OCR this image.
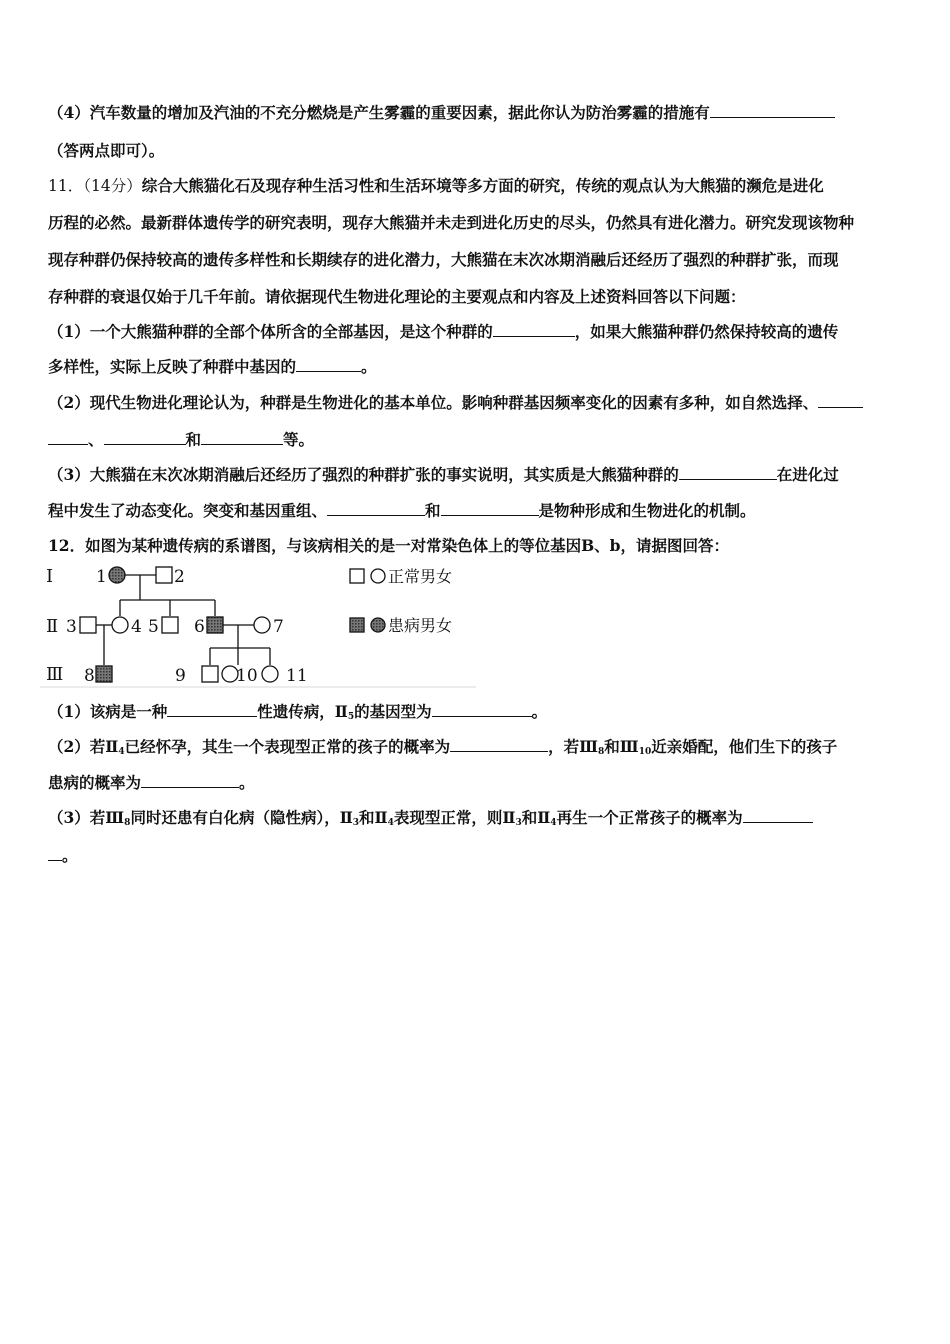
（4）汽车数量的增加及汽油的不充分燃烧是产生雾霾的重要因素，据此你认为防治雾霾的措施有
（答两点即可）。
11．（14分）综合大熊猫化石及现存种生活习性和生活环境等多方面的研究，传统的观点认为大熊猫的濒危是进化
历程的必然。最新群体遗传学的研究表明，现存大熊猫并未走到进化历史的尽头，仍然具有进化潜力。研究发现该物种
现存种群仍保持较高的遗传多样性和长期续存的进化潜力，大熊猫在末次冰期消融后还经历了强烈的种群扩张，而现
存种群的衰退仅始于几千年前。请依据现代生物进化理论的主要观点和内容及上述资料回答以下问题：
（1）一个大熊猫种群的全部个体所含的全部基因，是这个种群的	，如果大熊猫种群仍然保持较高的遗传
多样性，实际上反映了种群中基因的	。
（2）现代生物进化理论认为，种群是生物进化的基本单位。影响种群基因频率变化的因素有多种，如自然选择、
、	和	等。
（3）大熊猫在末次冰期消融后还经历了强烈的种群扩张的事实说明，其实质是大熊猫种群的	在进化过
程中发生了动态变化。突变和基因重组、	和	是物种形成和生物进化的机制。
12．如图为某种遗传病的系谱图，与该病相关的是一对常染色体上的等位基因B、b，请据图回答：
Ⅰ
Ⅱ
Ⅲ
1	2
3	4 5 6	7
8	9	10 11
正常男女
患病男女
（1）该病是一种	性遗传病，$Ⅱ_5$的基因型为	。
（2）若$Ⅱ_4$已经怀孕，其生一个表现型正常的孩子的概率为	，若$Ⅲ_8$和$Ⅲ_{10}$近亲婚配，他们生下的孩子
患病的概率为	。
（3）若$Ⅲ_8$同时还患有白化病（隐性病），$Ⅱ_3$和$Ⅱ_4$表现型正常，则$Ⅱ_3$和$Ⅱ_4$再生一个正常孩子的概率为
。
